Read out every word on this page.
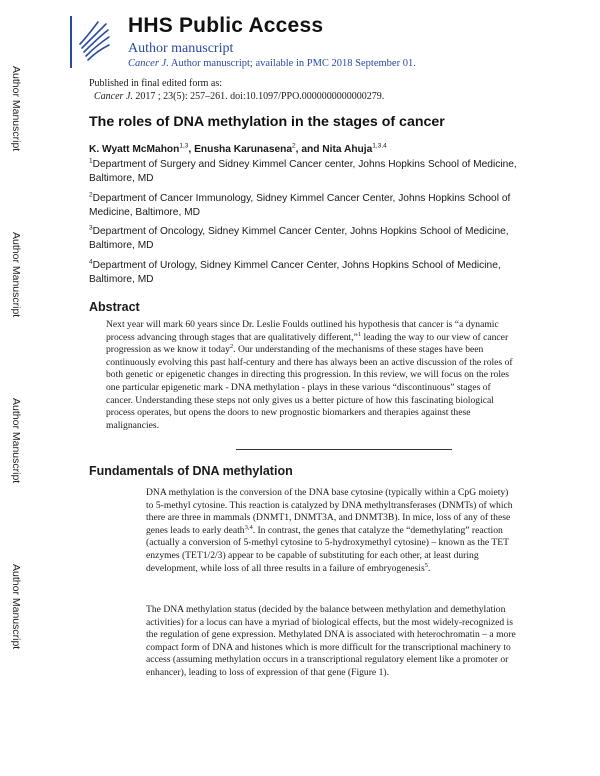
Author Manuscript
Author Manuscript
Author Manuscript
Author Manuscript
HHS Public Access
Author manuscript
Cancer J. Author manuscript; available in PMC 2018 September 01.
Published in final edited form as:
Cancer J. 2017 ; 23(5): 257–261. doi:10.1097/PPO.0000000000000279.
The roles of DNA methylation in the stages of cancer
K. Wyatt McMahon$^{1,3}$, Enusha Karunasena$^2$, and Nita Ahuja$^{1,3,4}$
$^1$Department of Surgery and Sidney Kimmel Cancer center, Johns Hopkins School of Medicine, Baltimore, MD
$^2$Department of Cancer Immunology, Sidney Kimmel Cancer Center, Johns Hopkins School of Medicine, Baltimore, MD
$^3$Department of Oncology, Sidney Kimmel Cancer Center, Johns Hopkins School of Medicine, Baltimore, MD
$^4$Department of Urology, Sidney Kimmel Cancer Center, Johns Hopkins School of Medicine, Baltimore, MD
Abstract
Next year will mark 60 years since Dr. Leslie Foulds outlined his hypothesis that cancer is “a dynamic process advancing through stages that are qualitatively different,”$^1$ leading the way to our view of cancer progression as we know it today$^2$. Our understanding of the mechanisms of these stages have been continuously evolving this past half-century and there has always been an active discussion of the roles of both genetic or epigenetic changes in directing this progression. In this review, we will focus on the roles one particular epigenetic mark - DNA methylation - plays in these various “discontinuous” stages of cancer. Understanding these steps not only gives us a better picture of how this fascinating biological process operates, but opens the doors to new prognostic biomarkers and therapies against these malignancies.
Fundamentals of DNA methylation
DNA methylation is the conversion of the DNA base cytosine (typically within a CpG moiety) to 5-methyl cytosine. This reaction is catalyzed by DNA methyltransferases (DNMTs) of which there are three in mammals (DNMT1, DNMT3A, and DNMT3B). In mice, loss of any of these genes leads to early death$^{3,4}$. In contrast, the genes that catalyze the “demethylating” reaction (actually a conversion of 5-methyl cytosine to 5-hydroxymethyl cytosine) – known as the TET enzymes (TET1/2/3) appear to be capable of substituting for each other, at least during development, while loss of all three results in a failure of embryogenesis$^5$.
The DNA methylation status (decided by the balance between methylation and demethylation activities) for a locus can have a myriad of biological effects, but the most widely-recognized is the regulation of gene expression. Methylated DNA is associated with heterochromatin – a more compact form of DNA and histones which is more difficult for the transcriptional machinery to access (assuming methylation occurs in a transcriptional regulatory element like a promoter or enhancer), leading to loss of expression of that gene (Figure 1).
